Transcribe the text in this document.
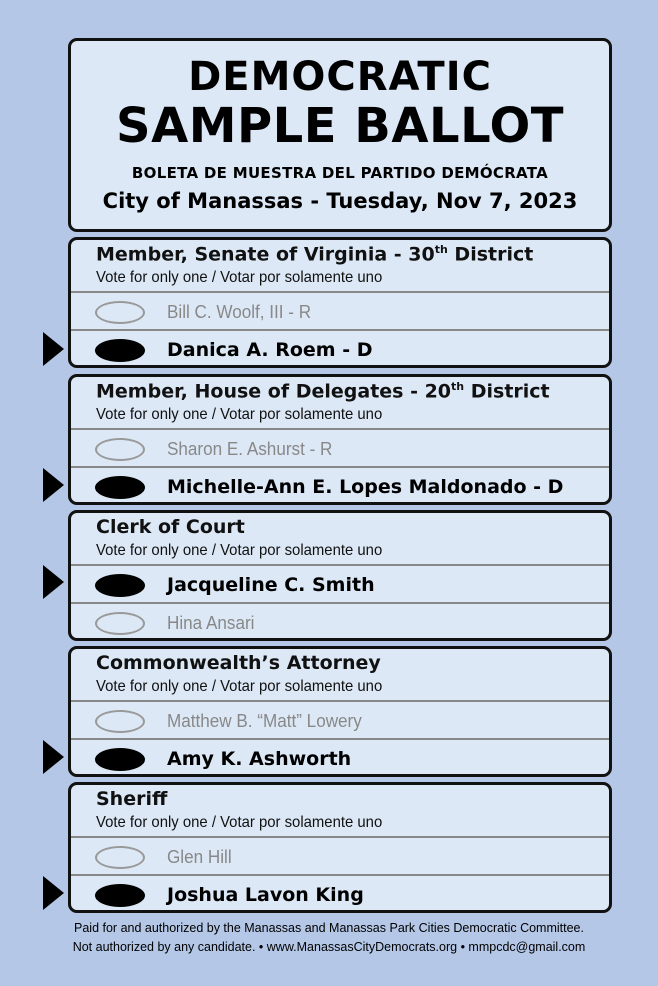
DEMOCRATIC
SAMPLE BALLOT
BOLETA DE MUESTRA DEL PARTIDO DEMÓCRATA
City of Manassas - Tuesday, Nov 7, 2023
Member, Senate of Virginia - 30th District
Vote for only one / Votar por solamente uno
Bill C. Woolf, III - R
Danica A. Roem - D
Member, House of Delegates - 20th District
Vote for only one / Votar por solamente uno
Sharon E. Ashurst - R
Michelle-Ann E. Lopes Maldonado - D
Clerk of Court
Vote for only one / Votar por solamente uno
Jacqueline C. Smith
Hina Ansari
Commonwealth’s Attorney
Vote for only one / Votar por solamente uno
Matthew B. “Matt” Lowery
Amy K. Ashworth
Sheriff
Vote for only one / Votar por solamente uno
Glen Hill
Joshua Lavon King
Paid for and authorized by the Manassas and Manassas Park Cities Democratic Committee.
Not authorized by any candidate. • www.ManassasCityDemocrats.org • mmpcdc@gmail.com
